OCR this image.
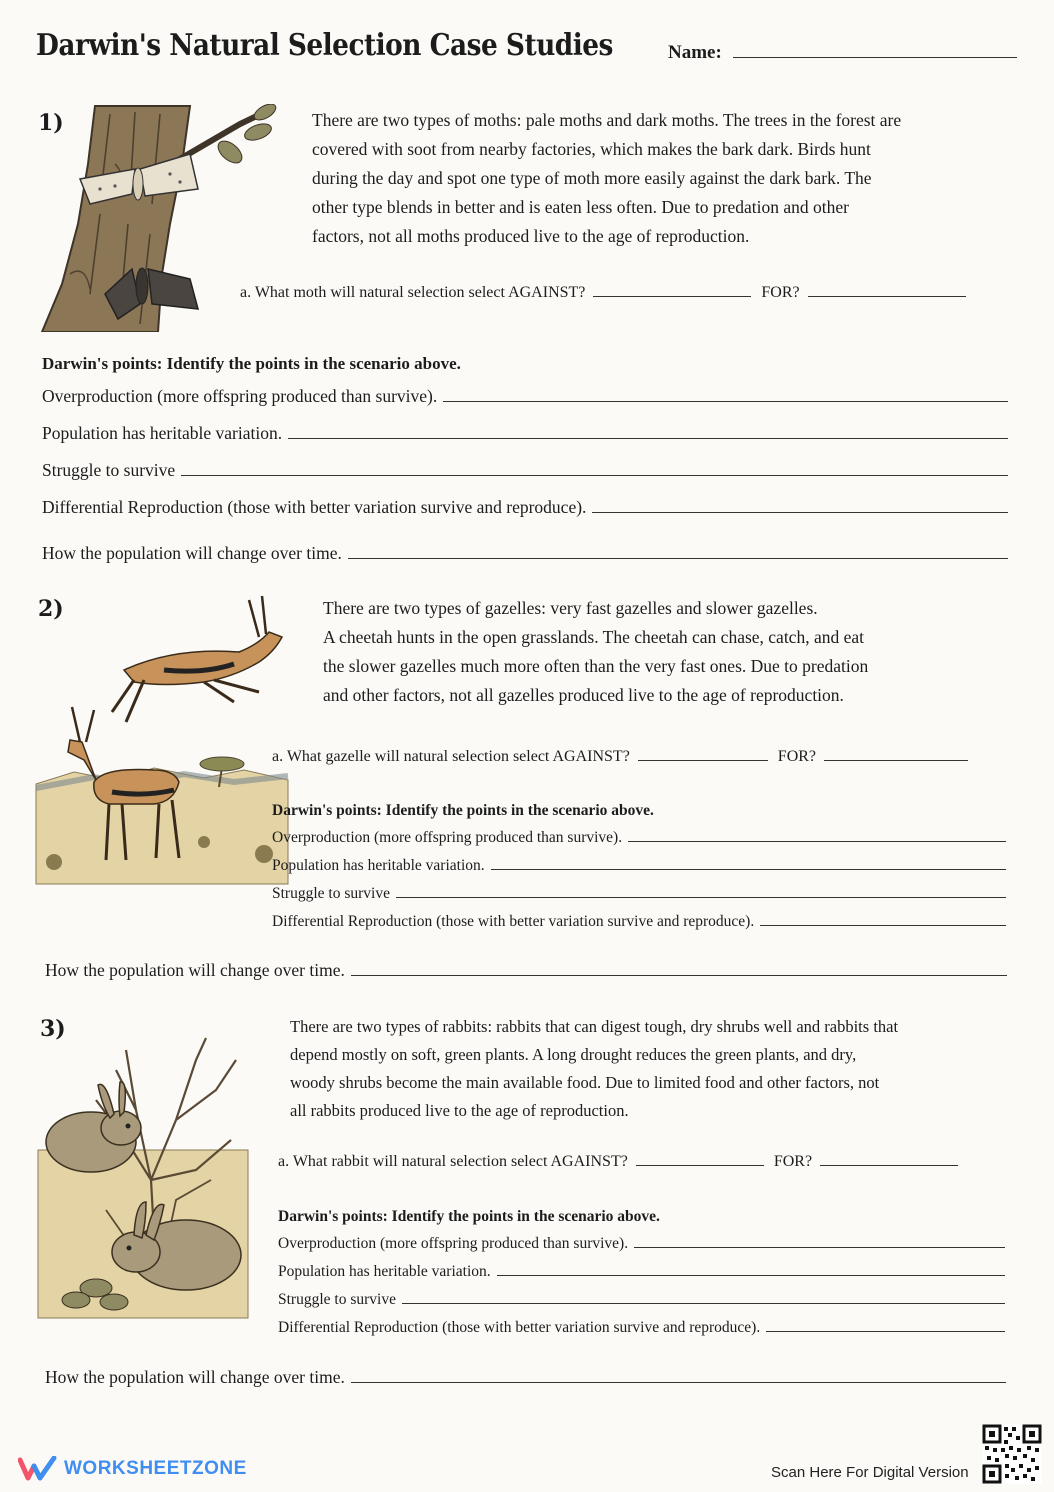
Darwin's Natural Selection Case Studies	Name:
1)	There are two types of moths: pale moths and dark moths. The trees in the forest are
covered with soot from nearby factories, which makes the bark dark. Birds hunt
during the day and spot one type of moth more easily against the dark bark. The
other type blends in better and is eaten less often. Due to predation and other
factors, not all moths produced live to the age of reproduction.
a. What moth will natural selection select AGAINST?	FOR?
Darwin's points: Identify the points in the scenario above.
Overproduction (more offspring produced than survive).
Population has heritable variation.
Struggle to survive
Differential Reproduction (those with better variation survive and reproduce).
How the population will change over time.
2)	There are two types of gazelles: very fast gazelles and slower gazelles.
A cheetah hunts in the open grasslands. The cheetah can chase, catch, and eat
the slower gazelles much more often than the very fast ones. Due to predation
and other factors, not all gazelles produced live to the age of reproduction.
a. What gazelle will natural selection select AGAINST?	FOR?
Darwin's points: Identify the points in the scenario above.
Overproduction (more offspring produced than survive).
Population has heritable variation.
Struggle to survive
Differential Reproduction (those with better variation survive and reproduce).
How the population will change over time.
3)	There are two types of rabbits: rabbits that can digest tough, dry shrubs well and rabbits that
depend mostly on soft, green plants. A long drought reduces the green plants, and dry,
woody shrubs become the main available food. Due to limited food and other factors, not
all rabbits produced live to the age of reproduction.
a. What rabbit will natural selection select AGAINST?	FOR?
Darwin's points: Identify the points in the scenario above.
Overproduction (more offspring produced than survive).
Population has heritable variation.
Struggle to survive
Differential Reproduction (those with better variation survive and reproduce).
How the population will change over time.
WORKSHEETZONE	Scan Here For Digital Version
